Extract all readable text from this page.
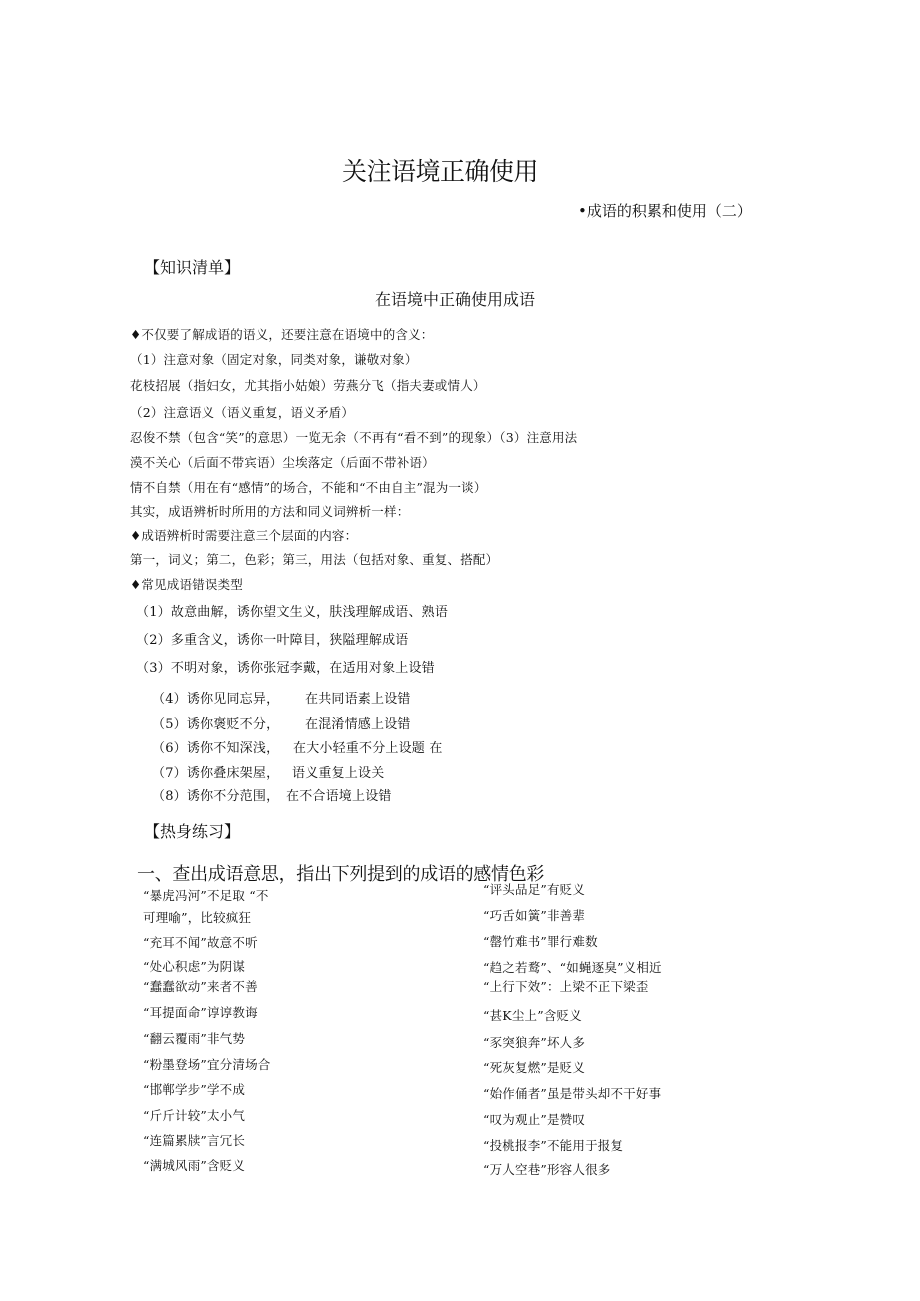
关注语境正确使用
•成语的积累和使用（二）
【知识清单】
在语境中正确使用成语
♦不仅要了解成语的语义，还要注意在语境中的含义：
（1）注意对象（固定对象，同类对象，谦敬对象）
花枝招展（指妇女，尤其指小姑娘）劳燕分飞（指夫妻或情人）
（2）注意语义（语义重复，语义矛盾）
忍俊不禁（包含“笑”的意思）一览无余（不再有“看不到”的现象）（3）注意用法
漠不关心（后面不带宾语）尘埃落定（后面不带补语）
情不自禁（用在有“感情”的场合，不能和“不由自主”混为一谈）
其实，成语辨析时所用的方法和同义词辨析一样：
♦成语辨析时需要注意三个层面的内容：
第一，词义；第二，色彩；第三，用法（包括对象、重复、搭配）
♦常见成语错误类型
（1）故意曲解，诱你望文生义，肤浅理解成语、熟语
（2）多重含义，诱你一叶障目，狭隘理解成语
（3）不明对象，诱你张冠李戴，在适用对象上设错
（4）诱你见同忘异， 在共同语素上设错
（5）诱你褒贬不分， 在混淆情感上设错
（6）诱你不知深浅， 在大小轻重不分上设题 在
（7）诱你叠床架屋， 语义重复上设关
（8）诱你不分范围， 在不合语境上设错
【热身练习】
一、查出成语意思，指出下列提到的成语的感情色彩
“暴虎冯河”不足取 “不
可理喻”，比较疯狂
“充耳不闻”故意不听
“处心积虑”为阴谋
“蠢蠢欲动”来者不善
“耳提面命”谆谆教诲
“翻云覆雨”非气势
“粉墨登场”宜分清场合
“邯郸学步”学不成
“斤斤计较”太小气
“连篇累牍”言冗长
“满城风雨”含贬义
“评头品足”有贬义
“巧舌如簧”非善辈
“罄竹难书”罪行难数
“趋之若鹜”、“如蝇逐臭”义相近
“上行下效”：上梁不正下梁歪
“甚K尘上”含贬义
“豕突狼奔”坏人多
“死灰复燃”是贬义
“始作俑者”虽是带头却不干好事
“叹为观止”是赞叹
“投桃报李”不能用于报复
“万人空巷”形容人很多
